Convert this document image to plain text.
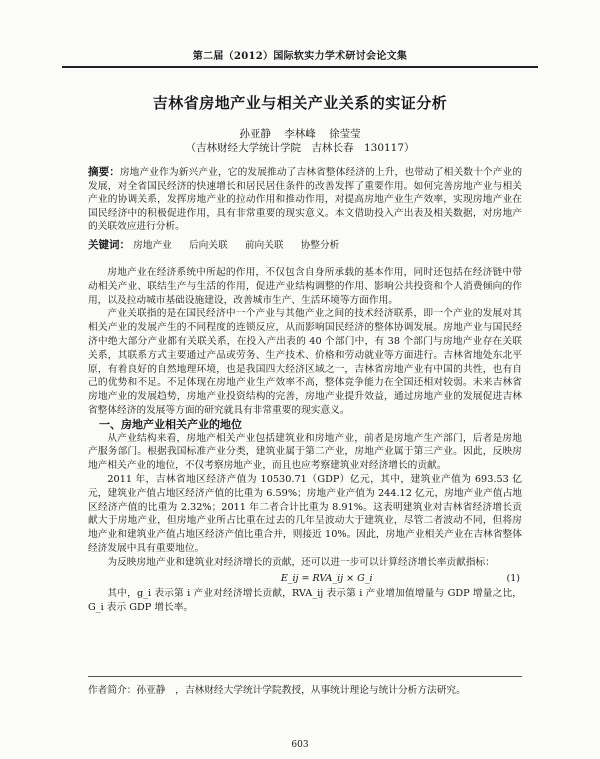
第二届（2012）国际软实力学术研讨会论文集
吉林省房地产业与相关产业关系的实证分析
孙亚静 李林峰 徐莹莹
（吉林财经大学统计学院　吉林长春　130117）
摘要：房地产业作为新兴产业，它的发展推动了吉林省整体经济的上升，也带动了相关数十个产业的发展，对全省国民经济的快速增长和居民居住条件的改善发挥了重要作用。如何完善房地产业与相关产业的协调关系，发挥房地产业的拉动作用和推动作用，对提高房地产业生产效率，实现房地产业在国民经济中的积极促进作用，具有非常重要的现实意义。本文借助投入产出表及相关数据，对房地产的关联效应进行分析。
关键词： 房地产业 后向关联 前向关联 协整分析

房地产业在经济系统中所起的作用，不仅包含自身所承载的基本作用，同时还包括在经济链中带动相关产业、联结生产与生活的作用，促进产业结构调整的作用、影响公共投资和个人消费倾向的作用，以及拉动城市基础设施建设，改善城市生产、生活环境等方面作用。

产业关联指的是在国民经济中一个产业与其他产业之间的技术经济联系，即一个产业的发展对其相关产业的发展产生的不同程度的连锁反应，从而影响国民经济的整体协调发展。房地产业与国民经济中绝大部分产业都有关联关系，在投入产出表的 40 个部门中，有 38 个部门与房地产业存在关联关系，其联系方式主要通过产品或劳务、生产技术、价格和劳动就业等方面进行。吉林省地处东北平原，有着良好的自然地理环境，也是我国四大经济区域之一，吉林省房地产业有中国的共性，也有自己的优势和不足。不足体现在房地产业生产效率不高，整体竞争能力在全国还相对较弱。未来吉林省房地产业的发展趋势，房地产业投资结构的完善，房地产业提升效益，通过房地产业的发展促进吉林省整体经济的发展等方面的研究就具有非常重要的现实意义。

一、房地产业相关产业的地位

从产业结构来看，房地产相关产业包括建筑业和房地产业，前者是房地产生产部门，后者是房地产服务部门。根据我国标准产业分类，建筑业属于第二产业，房地产业属于第三产业。因此，反映房地产相关产业的地位，不仅考察房地产业，而且也应考察建筑业对经济增长的贡献。

2011 年，吉林省地区经济产值为 10530.71（GDP）亿元，其中，建筑业产值为 693.53 亿元，建筑业产值占地区经济产值的比重为 6.59%；房地产业产值为 244.12 亿元，房地产业产值占地区经济产值的比重为 2.32%；2011 年二者合计比重为 8.91%。这表明建筑业对吉林省经济增长贡献大于房地产业，但房地产业所占比重在过去的几年呈波动大于建筑业，尽管二者波动不同，但将房地产业和建筑业产值占地区经济产值比重合并，则接近 10%。因此，房地产业相关产业在吉林省整体经济发展中具有重要地位。

为反映房地产业和建筑业对经济增长的贡献，还可以进一步可以计算经济增长率贡献指标：

E_ij = RVA_ij × G_i	(1)

其中，g_i 表示第 i 产业对经济增长贡献，RVA_ij 表示第 i 产业增加值增量与 GDP 增量之比，G_i 表示 GDP 增长率。

作者简介：孙亚静　，吉林财经大学统计学院教授，从事统计理论与统计分析方法研究。
603
